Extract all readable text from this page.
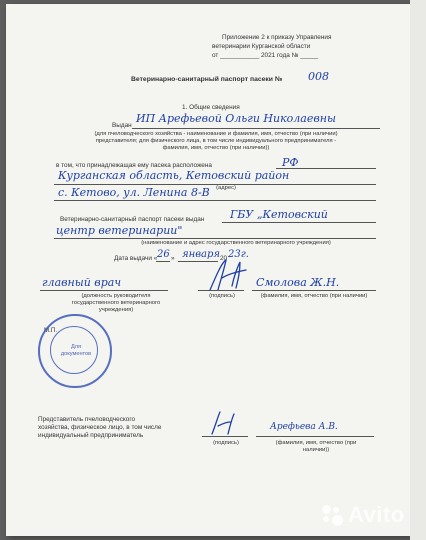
Приложение 2 к приказу Управления
ветеринарии Курганской области
от ___________ 2021 года № _____
Ветеринарно-санитарный паспорт пасеки № 008
1. Общие сведения
Выдан
ИП Арефьевой Ольги Николаевны
(для пчеловодческого хозяйства - наименование и фамилия, имя, отчество (при наличии)
представителя; для физического лица, в том числе индивидуального предпринимателя -
фамилия, имя, отчество (при наличии))
в том, что принадлежащая ему пасека расположена	РФ
Курганская область, Кетовский район
(адрес)
с. Кетово, ул. Ленина 8-В
Ветеринарно-санитарный паспорт пасеки выдан ГБУ „Кетовский
центр ветеринарии"
(наименование и адрес государственного ветеринарного учреждения)
Дата выдачи « 26 » января 20 23г.
главный врач
(должность руководителя
государственного ветеринарного
учреждения)
(подпись)
Смолова Ж.Н.
(фамилия, имя, отчество (при наличии)
М.П.
Для документов
Представитель пчеловодческого
хозяйства, физическое лицо, в том числе
индивидуальный предприниматель
(подпись)
Арефьева А.В.
(фамилия, имя, отчество (при
наличии))
Avito
